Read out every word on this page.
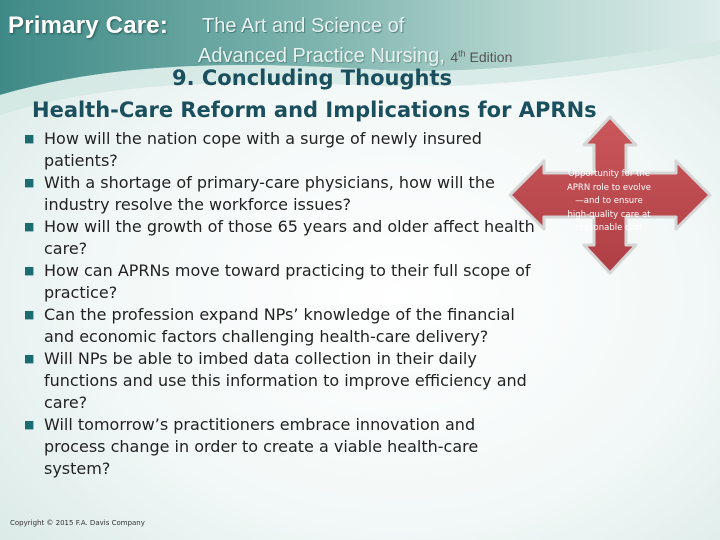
Primary Care: The Art and Science of
Advanced Practice Nursing, 4th Edition
9. Concluding Thoughts
Health-Care Reform and Implications for APRNs
■ How will the nation cope with a surge of newly insured
patients?
■ With a shortage of primary-care physicians, how will the
industry resolve the workforce issues?
■ How will the growth of those 65 years and older affect health
care?
■ How can APRNs move toward practicing to their full scope of
practice?
■ Can the profession expand NPs’ knowledge of the financial
and economic factors challenging health-care delivery?
■ Will NPs be able to imbed data collection in their daily
functions and use this information to improve efficiency and
care?
■ Will tomorrow’s practitioners embrace innovation and
process change in order to create a viable health-care
system?
Opportunity for the
APRN role to evolve
—and to ensure
high-quality care at
reasonable cost
Copyright © 2015 F.A. Davis Company
